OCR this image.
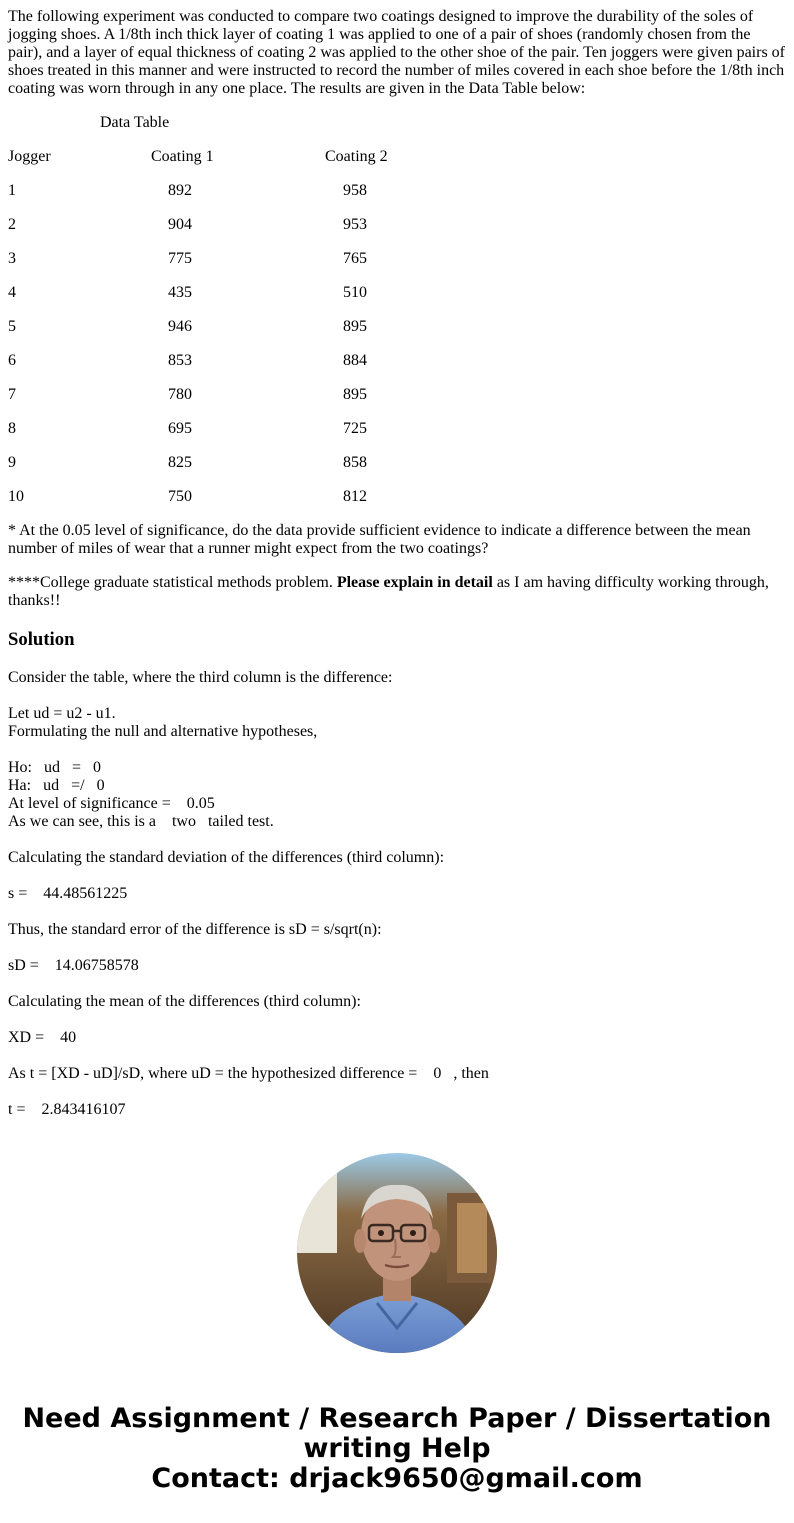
The following experiment was conducted to compare two coatings designed to improve the durability of the soles of jogging shoes. A 1/8th inch thick layer of coating 1 was applied to one of a pair of shoes (randomly chosen from the pair), and a layer of equal thickness of coating 2 was applied to the other shoe of the pair. Ten joggers were given pairs of shoes treated in this manner and were instructed to record the number of miles covered in each shoe before the 1/8th inch coating was worn through in any one place. The results are given in the Data Table below:

Data Table
Jogger	Coating 1	Coating 2
1	892	958
2	904	953
3	775	765
4	435	510
5	946	895
6	853	884
7	780	895
8	695	725
9	825	858
10	750	812

* At the 0.05 level of significance, do the data provide sufficient evidence to indicate a difference between the mean number of miles of wear that a runner might expect from the two coatings?

****College graduate statistical methods problem. Please explain in detail as I am having difficulty working through, thanks!!

Solution
Consider the table, where the third column is the difference:
Let ud = u2 - u1.
Formulating the null and alternative hypotheses,
Ho:   ud   =   0
Ha:   ud   =/   0
At level of significance =    0.05
As we can see, this is a    two   tailed test.
Calculating the standard deviation of the differences (third column):
s =    44.48561225
Thus, the standard error of the difference is sD = s/sqrt(n):
sD =    14.06758578
Calculating the mean of the differences (third column):
XD =    40
As t = [XD - uD]/sD, where uD = the hypothesized difference =    0   , then
t =    2.843416107
Need Assignment / Research Paper / Dissertation
writing Help
Contact: drjack9650@gmail.com
